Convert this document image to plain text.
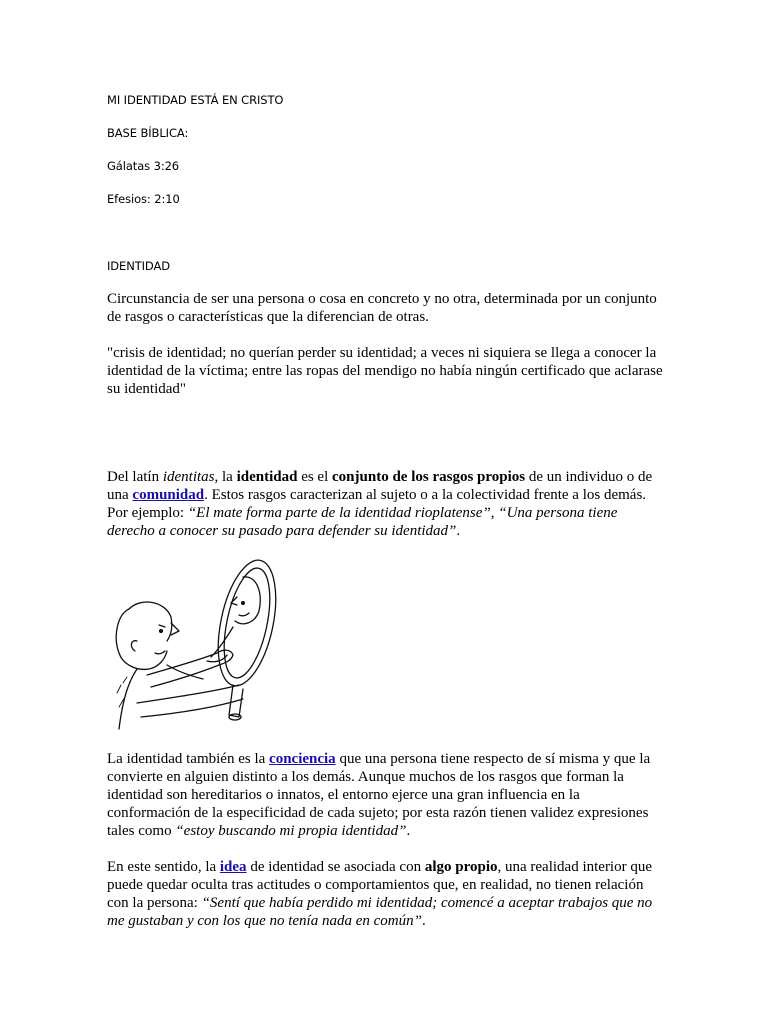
MI IDENTIDAD ESTÁ EN CRISTO
BASE BÍBLICA:
Gálatas 3:26
Efesios: 2:10
IDENTIDAD

Circunstancia de ser una persona o cosa en concreto y no otra, determinada por un conjunto de rasgos o características que la diferencian de otras.

"crisis de identidad; no querían perder su identidad; a veces ni siquiera se llega a conocer la identidad de la víctima; entre las ropas del mendigo no había ningún certificado que aclarase su identidad"

Del latín identitas, la identidad es el conjunto de los rasgos propios de un individuo o de una comunidad. Estos rasgos caracterizan al sujeto o a la colectividad frente a los demás. Por ejemplo: “El mate forma parte de la identidad rioplatense”, “Una persona tiene derecho a conocer su pasado para defender su identidad”.

La identidad también es la conciencia que una persona tiene respecto de sí misma y que la convierte en alguien distinto a los demás. Aunque muchos de los rasgos que forman la identidad son hereditarios o innatos, el entorno ejerce una gran influencia en la conformación de la especificidad de cada sujeto; por esta razón tienen validez expresiones tales como “estoy buscando mi propia identidad”.

En este sentido, la idea de identidad se asociada con algo propio, una realidad interior que puede quedar oculta tras actitudes o comportamientos que, en realidad, no tienen relación con la persona: “Sentí que había perdido mi identidad; comencé a aceptar trabajos que no me gustaban y con los que no tenía nada en común”.
